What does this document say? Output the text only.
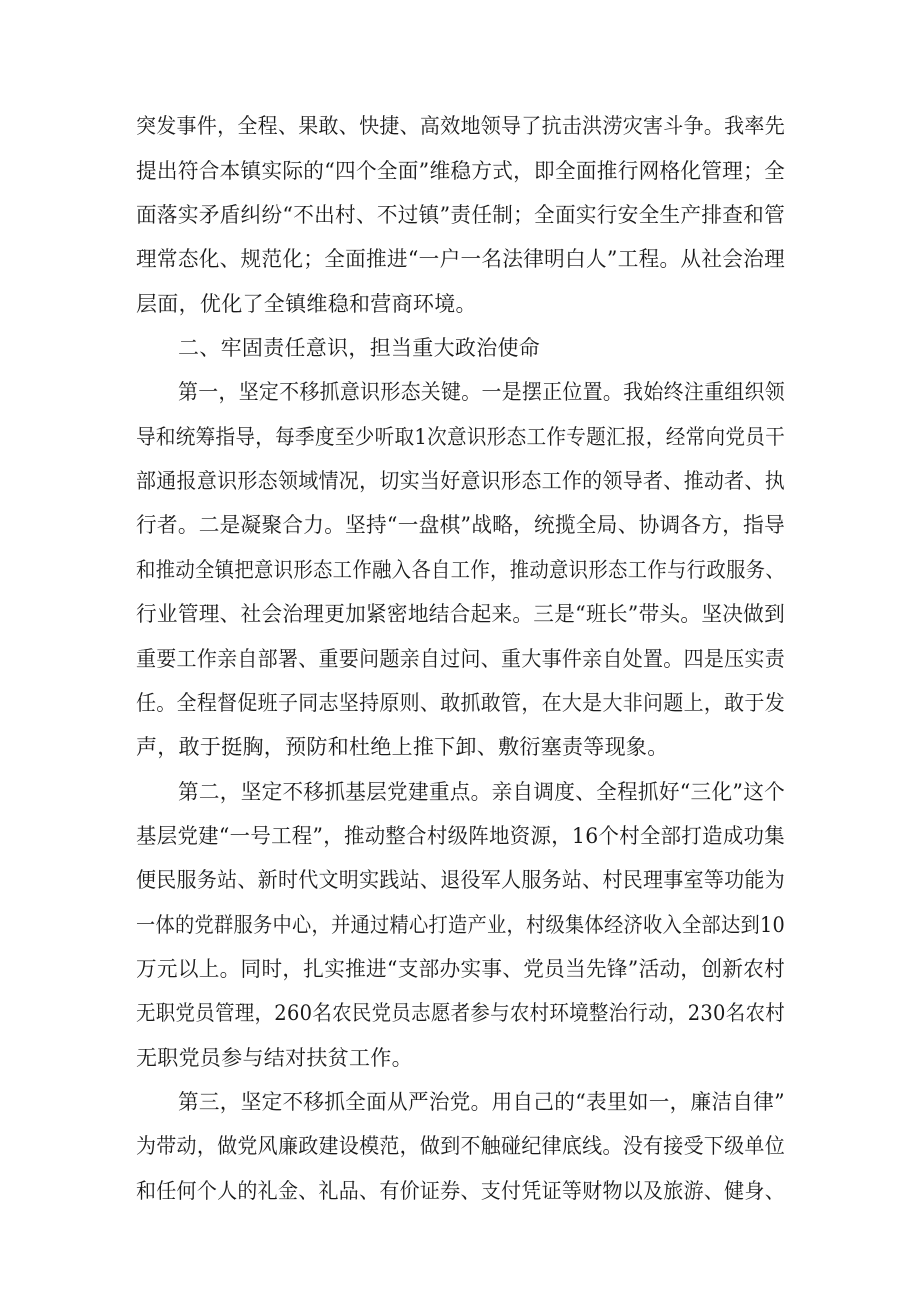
突发事件，全程、果敢、快捷、高效地领导了抗击洪涝灾害斗争。我率先
提出符合本镇实际的“四个全面”维稳方式，即全面推行网格化管理；全
面落实矛盾纠纷“不出村、不过镇”责任制；全面实行安全生产排查和管
理常态化、规范化；全面推进“一户一名法律明白人”工程。从社会治理
层面，优化了全镇维稳和营商环境。
二、牢固责任意识，担当重大政治使命
第一，坚定不移抓意识形态关键。一是摆正位置。我始终注重组织领
导和统筹指导，每季度至少听取1次意识形态工作专题汇报，经常向党员干
部通报意识形态领域情况，切实当好意识形态工作的领导者、推动者、执
行者。二是凝聚合力。坚持“一盘棋”战略，统揽全局、协调各方，指导
和推动全镇把意识形态工作融入各自工作，推动意识形态工作与行政服务、
行业管理、社会治理更加紧密地结合起来。三是“班长”带头。坚决做到
重要工作亲自部署、重要问题亲自过问、重大事件亲自处置。四是压实责
任。全程督促班子同志坚持原则、敢抓敢管，在大是大非问题上，敢于发
声，敢于挺胸，预防和杜绝上推下卸、敷衍塞责等现象。
第二，坚定不移抓基层党建重点。亲自调度、全程抓好“三化”这个
基层党建“一号工程”，推动整合村级阵地资源，16个村全部打造成功集
便民服务站、新时代文明实践站、退役军人服务站、村民理事室等功能为
一体的党群服务中心，并通过精心打造产业，村级集体经济收入全部达到10
万元以上。同时，扎实推进“支部办实事、党员当先锋”活动，创新农村
无职党员管理，260名农民党员志愿者参与农村环境整治行动，230名农村
无职党员参与结对扶贫工作。
第三，坚定不移抓全面从严治党。用自己的“表里如一，廉洁自律”
为带动，做党风廉政建设模范，做到不触碰纪律底线。没有接受下级单位
和任何个人的礼金、礼品、有价证券、支付凭证等财物以及旅游、健身、
